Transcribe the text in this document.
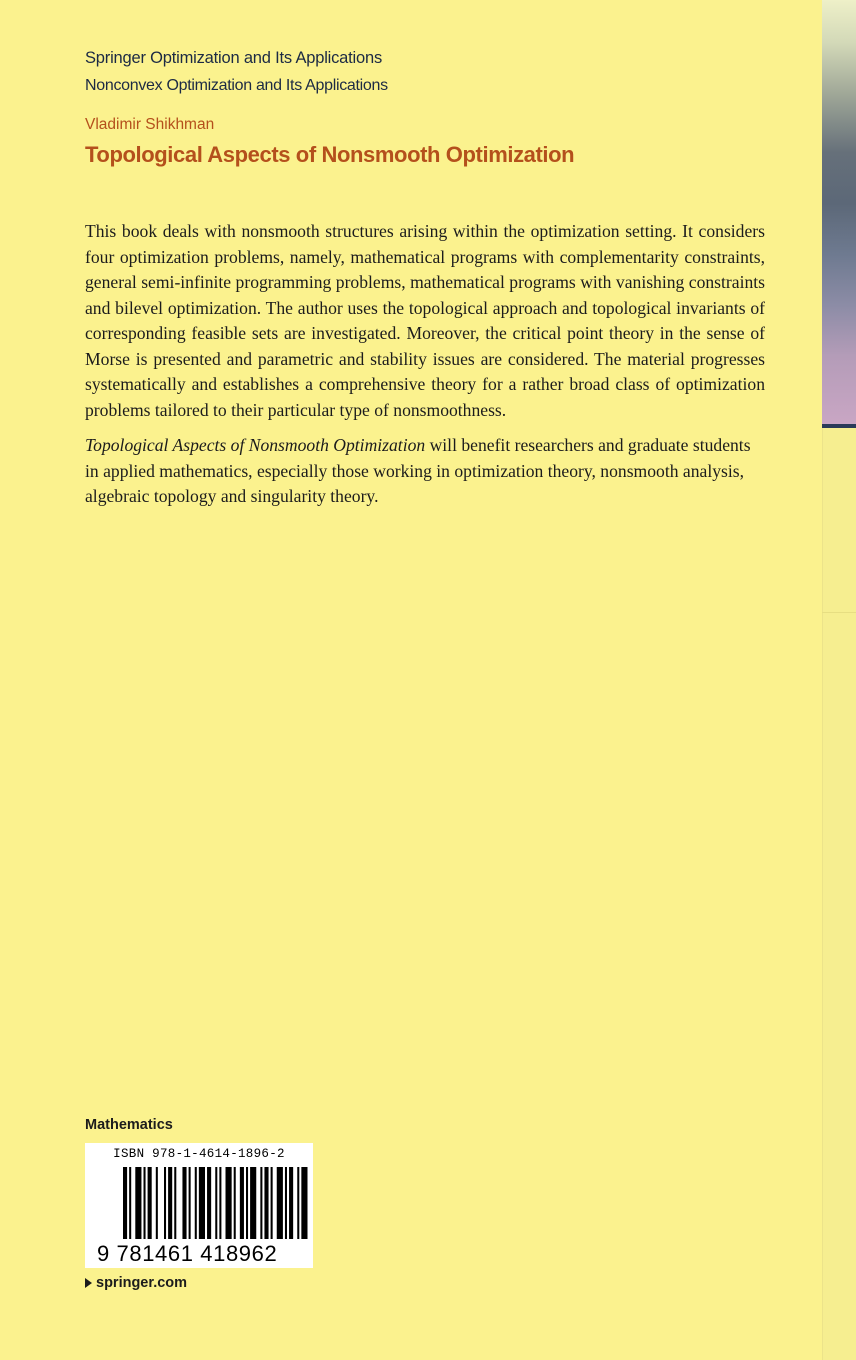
Springer Optimization and Its Applications
Nonconvex Optimization and Its Applications
Vladimir Shikhman
Topological Aspects of Nonsmooth Optimization

This book deals with nonsmooth structures arising within the optimization setting. It considers four optimization problems, namely, mathematical programs with complementarity constraints, general semi-infinite programming problems, mathematical programs with vanishing constraints and bilevel optimization. The author uses the topological approach and topological invariants of corresponding feasible sets are investigated. Moreover, the critical point theory in the sense of Morse is presented and parametric and stability issues are considered. The material progresses systematically and establishes a comprehensive theory for a rather broad class of optimization problems tailored to their particular type of nonsmoothness.

Topological Aspects of Nonsmooth Optimization will benefit researchers and graduate students in applied mathematics, especially those working in optimization theory, nonsmooth analysis, algebraic topology and singularity theory.

Mathematics
ISBN 978-1-4614-1896-2
9 781461 418962
springer.com
